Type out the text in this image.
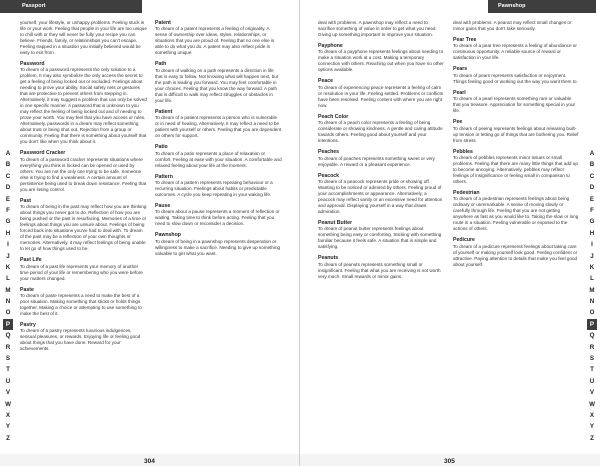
Passport

yourself, your lifestyle, or unhappy problems. Feeling stuck in life or your work. Feeling that people in your life are too unique to chill with or they will never be fully your recipe you can believe. Friends, family, or relationships you can't escape. Feeling trapped in a situation you initially believed would be easy to exit from.

Password

To dream of a password represents the only solution to a problem. It may also symbolize the only access the secret to get a feeling of being locked out or excluded. Feelings about needing to prove your ability. Social safety nets or gestures that are protective to prevent others from stepping in. Alternatively, it may suggest a problem that can only be solved in one specific manner. A password that is unknown to you may reflect the feeling of being locked out and of needing to prove your worth. You may feel that you have access or rules. Alternatively, passwords in a dream may reflect something about trust or being shut out. Rejection from a group or community. Feeling that there is something about yourself that you don't like when you think about it.

Password Cracker

To dream of a password cracker represents situations where everything you think is locked can be opened or used by others. You are not the only one trying to be safe. Someone else is trying to find a weakness. A certain amount of persistence being used to break down resistance. Feeling that you are losing control.

Past

To dream of being in the past may reflect how you are thinking about things you never got to do. Reflection of how you are being pushed or the past is resurfacing. Memories of a time or feelings about things you are unsure about. Feelings of being forced back into situations you've had to deal with. To dream of the past may be a reflection of your own thoughts or memories. Alternatively, it may reflect feelings of being unable to let go of how things used to be.

Past Life

To dream of a past life represents your memory of another time period of your life or remembering who you were before your matters changed.

Paste

To dream of paste represents a need to make the best of a poor situation. Making something that sticks or holds things together. Making a choice or attempting to use something to make the best of it.

Pastry

To dream of a pastry represents luxurious indulgences, sensual pleasures, or rewards. Enjoying life or feeling good about things that you have done. Reward for your achievements.

Patent

To dream of a patent represents a feeling of originality. A sense of ownership over ideas, styles, relationships, or situations that you are proud of. Feeling that no one else is able to do what you do. A patent may also reflect pride in something unique.

Path

To dream of walking on a path represents a direction in life that is easy to follow. Not knowing what will happen next, but the path is leading you forward. You may feel comfortable in your choices. Feeling that you know the way forward. A path that is difficult to walk may reflect struggles or obstacles in your life.

Patient

To dream of a patient represents a person who is vulnerable or in need of healing. Alternatively, it may reflect a need to be patient with yourself or others. Feeling that you are dependent on others for support.

Patio

To dream of a patio represents a place of relaxation or comfort. Feeling at ease with your situation. A comfortable and relaxed feeling about your life at the moment.

Pattern

To dream of a pattern represents repeating behaviour or a recurring situation. Feelings about habits or predictable outcomes. A cycle you keep repeating in your waking life.

Pause

To dream about a pause represents a moment of reflection or waiting. Taking time to think before acting. Feeling that you need to slow down or reconsider a decision.

Pawnshop

To dream of being in a pawnshop represents desperation or willingness to make a sacrifice. Needing to give up something valuable to get what you want.

A
B
C
D
E
F
G
H
I
J
K
L
M
N
O
P
Q
R
S
T
U
V
W
X
Y
Z
304
Pawnshop

deal with problems. A pawnshop may reflect a need to sacrifice something of value in order to get what you need. Giving up something important to improve your situation.

Payphone

To dream of a payphone represents feelings about needing to make a situation work at a cost. Making a temporary connection with others. Reaching out when you have no other options available.

Peace

To dream of experiencing peace represents a feeling of calm or resolution in your life. Feeling settled. Problems or conflicts have been resolved. Feeling content with where you are right now.

Peach Color

To dream of a peach color represents a feeling of being considerate or showing kindness. A gentle and caring attitude towards others. Feeling good about yourself and your intentions.

Peaches

To dream of peaches represents something sweet or very enjoyable. A reward or a pleasant experience.

Peacock

To dream of a peacock represents pride or showing off. Wanting to be noticed or admired by others. Feeling proud of your accomplishments or appearance. Alternatively, a peacock may reflect vanity or an excessive need for attention and approval. Displaying yourself in a way that draws admiration.

Peanut Butter

To dream of peanut butter represents feelings about something being easy or comforting. Sticking with something familiar because it feels safe. A situation that is simple and satisfying.

Peanuts

To dream of peanuts represents something small or insignificant. Feeling that what you are receiving is not worth very much. Small rewards or minor gains.

deal with problems. A peanut may reflect small changes or minor gains that you don't take seriously.

Pear Tree

To dream of a pear tree represents a feeling of abundance or continuous opportunity. A reliable source of reward or satisfaction in your life.

Pears

To dream of pears represents satisfaction or enjoyment. Things feeling good or working out the way you want them to.

Pearl

To dream of a pearl represents something rare or valuable that you treasure. Appreciation for something special in your life.

Pee

To dream of peeing represents feelings about releasing built-up tension or letting go of things that are bothering you. Relief from stress.

Pebbles

To dream of pebbles represents minor issues or small problems. Feeling that there are many little things that add up to become annoying. Alternatively, pebbles may reflect feelings of insignificance or feeling small in comparison to others.

Pedestrian

To dream of a pedestrian represents feelings about being ordinary or unremarkable. A sense of moving slowly or carefully through life. Feeling that you are not getting anywhere as fast as you would like to. Taking the slow or long route in a situation. Feeling vulnerable or exposed to the actions of others.

Pedicure

To dream of a pedicure represents feelings about taking care of yourself or making yourself look good. Feeling confident or attractive. Paying attention to details that make you feel good about yourself.

A
B
C
D
E
F
G
H
I
J
K
L
M
N
O
P
Q
R
S
T
U
V
W
X
Y
Z
305
